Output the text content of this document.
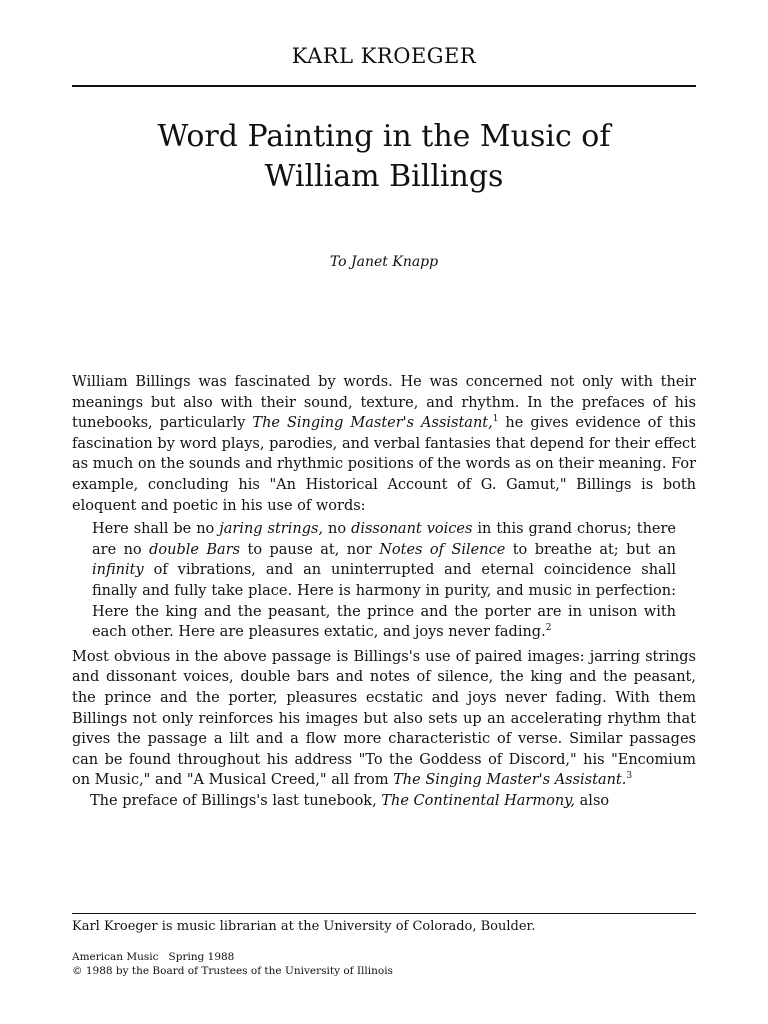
KARL KROEGER
Word Painting in the Music of
William Billings
To Janet Knapp

William Billings was fascinated by words. He was concerned not only with their meanings but also with their sound, texture, and rhythm. In the prefaces of his tunebooks, particularly The Singing Master's Assistant,$^1$ he gives evidence of this fascination by word plays, parodies, and verbal fantasies that depend for their effect as much on the sounds and rhythmic positions of the words as on their meaning. For example, concluding his "An Historical Account of G. Gamut," Billings is both eloquent and poetic in his use of words:

Here shall be no jaring strings, no dissonant voices in this grand chorus; there are no double Bars to pause at, nor Notes of Silence to breathe at; but an infinity of vibrations, and an uninterrupted and eternal coincidence shall finally and fully take place. Here is harmony in purity, and music in perfection: Here the king and the peasant, the prince and the porter are in unison with each other. Here are pleasures extatic, and joys never fading.$^2$

Most obvious in the above passage is Billings's use of paired images: jarring strings and dissonant voices, double bars and notes of silence, the king and the peasant, the prince and the porter, pleasures ecstatic and joys never fading. With them Billings not only reinforces his images but also sets up an accelerating rhythm that gives the passage a lilt and a flow more characteristic of verse. Similar passages can be found throughout his address "To the Goddess of Discord," his "Encomium on Music," and "A Musical Creed," all from The Singing Master's Assistant.$^3$

The preface of Billings's last tunebook, The Continental Harmony, also

Karl Kroeger is music librarian at the University of Colorado, Boulder.
American Music   Spring 1988
© 1988 by the Board of Trustees of the University of Illinois
